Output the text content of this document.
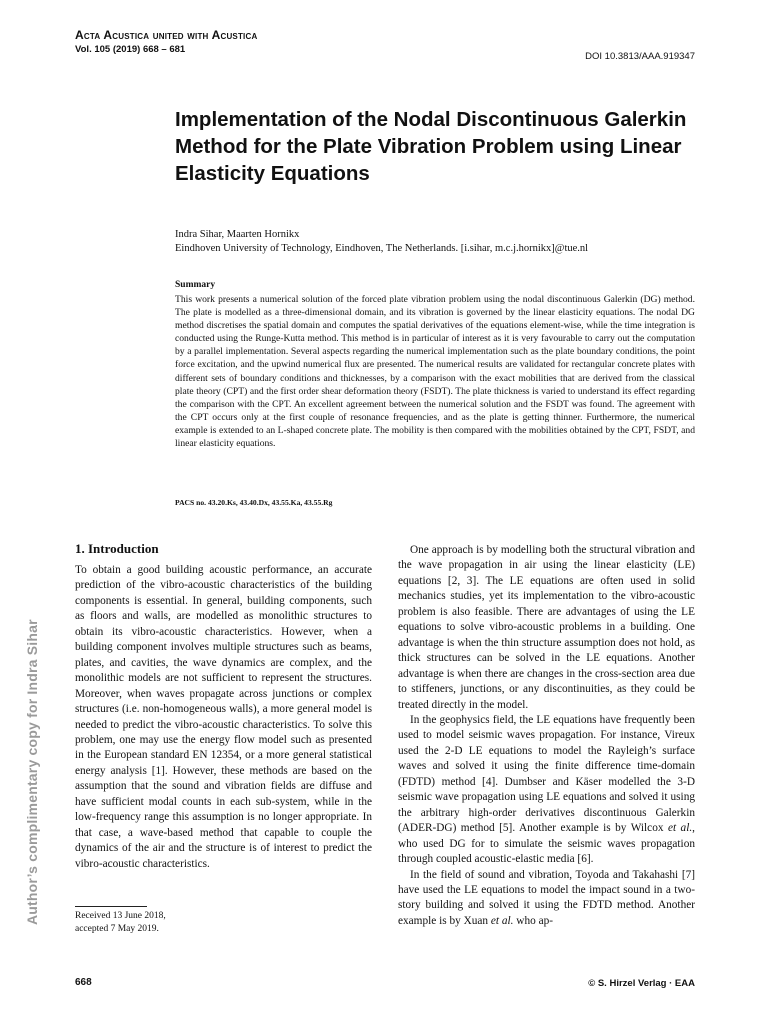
Acta Acustica united with Acustica
Vol. 105 (2019) 668 – 681
DOI 10.3813/AAA.919347
Implementation of the Nodal Discontinuous Galerkin Method for the Plate Vibration Problem using Linear Elasticity Equations
Indra Sihar, Maarten Hornikx
Eindhoven University of Technology, Eindhoven, The Netherlands. [i.sihar, m.c.j.hornikx]@tue.nl
Summary
This work presents a numerical solution of the forced plate vibration problem using the nodal discontinuous Galerkin (DG) method. The plate is modelled as a three-dimensional domain, and its vibration is governed by the linear elasticity equations. The nodal DG method discretises the spatial domain and computes the spatial derivatives of the equations element-wise, while the time integration is conducted using the Runge-Kutta method. This method is in particular of interest as it is very favourable to carry out the computation by a parallel implementation. Several aspects regarding the numerical implementation such as the plate boundary conditions, the point force excitation, and the upwind numerical flux are presented. The numerical results are validated for rectangular concrete plates with different sets of boundary conditions and thicknesses, by a comparison with the exact mobilities that are derived from the classical plate theory (CPT) and the first order shear deformation theory (FSDT). The plate thickness is varied to understand its effect regarding the comparison with the CPT. An excellent agreement between the numerical solution and the FSDT was found. The agreement with the CPT occurs only at the first couple of resonance frequencies, and as the plate is getting thinner. Furthermore, the numerical example is extended to an L-shaped concrete plate. The mobility is then compared with the mobilities obtained by the CPT, FSDT, and linear elasticity equations.
PACS no. 43.20.Ks, 43.40.Dx, 43.55.Ka, 43.55.Rg
1. Introduction

To obtain a good building acoustic performance, an accurate prediction of the vibro-acoustic characteristics of the building components is essential. In general, building components, such as floors and walls, are modelled as monolithic structures to obtain its vibro-acoustic characteristics. However, when a building component involves multiple structures such as beams, plates, and cavities, the wave dynamics are complex, and the monolithic models are not sufficient to represent the structures. Moreover, when waves propagate across junctions or complex structures (i.e. non-homogeneous walls), a more general model is needed to predict the vibro-acoustic characteristics. To solve this problem, one may use the energy flow model such as presented in the European standard EN 12354, or a more general statistical energy analysis [1]. However, these methods are based on the assumption that the sound and vibration fields are diffuse and have sufficient modal counts in each sub-system, while in the low-frequency range this assumption is no longer appropriate. In that case, a wave-based method that capable to couple the dynamics of the air and the structure is of interest to predict the vibro-acoustic characteristics.

One approach is by modelling both the structural vibration and the wave propagation in air using the linear elasticity (LE) equations [2, 3]. The LE equations are often used in solid mechanics studies, yet its implementation to the vibro-acoustic problem is also feasible. There are advantages of using the LE equations to solve vibro-acoustic problems in a building. One advantage is when the thin structure assumption does not hold, as thick structures can be solved in the LE equations. Another advantage is when there are changes in the cross-section area due to stiffeners, junctions, or any discontinuities, as they could be treated directly in the model.

In the geophysics field, the LE equations have frequently been used to model seismic waves propagation. For instance, Vireux used the 2-D LE equations to model the Rayleigh’s surface waves and solved it using the finite difference time-domain (FDTD) method [4]. Dumbser and Käser modelled the 3-D seismic wave propagation using LE equations and solved it using the arbitrary high-order derivatives discontinuous Galerkin (ADER-DG) method [5]. Another example is by Wilcox et al., who used DG for to simulate the seismic waves propagation through coupled acoustic-elastic media [6].

In the field of sound and vibration, Toyoda and Takahashi [7] have used the LE equations to model the impact sound in a two-story building and solved it using the FDTD method. Another example is by Xuan et al. who ap-

Received 13 June 2018,
accepted 7 May 2019.
Author’s complimentary copy for Indra Sihar
668	© S. Hirzel Verlag · EAA
